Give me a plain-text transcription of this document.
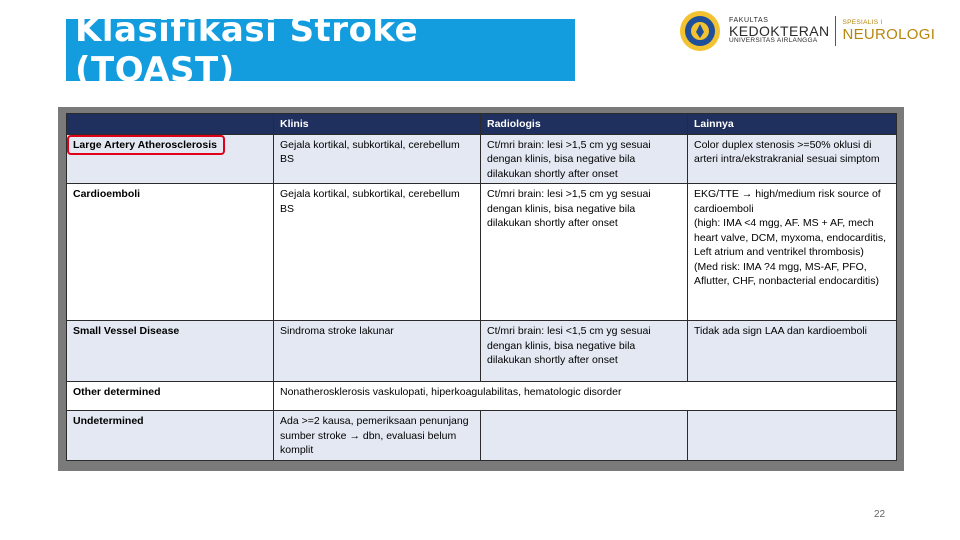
Klasifikasi Stroke (TOAST)
FAKULTAS
KEDOKTERAN
UNIVERSITAS AIRLANGGA
SPESIALIS I
NEUROLOGI
	Klinis	Radiologis	Lainnya
Large Artery Atherosclerosis	Gejala kortikal, subkortikal, cerebellum BS	Ct/mri brain: lesi >1,5 cm yg sesuai dengan klinis, bisa negative bila dilakukan shortly after onset	Color duplex stenosis >=50% oklusi di arteri intra/ekstrakranial sesuai simptom
Cardioemboli	Gejala kortikal, subkortikal, cerebellum BS	Ct/mri brain: lesi >1,5 cm yg sesuai dengan klinis, bisa negative bila dilakukan shortly after onset	EKG/TTE → high/medium risk source of cardioemboli
(high: IMA <4 mgg, AF. MS + AF, mech heart valve, DCM, myxoma, endocarditis, Left atrium and ventrikel thrombosis)
(Med risk: IMA ?4 mgg, MS-AF, PFO, Aflutter, CHF, nonbacterial endocarditis)

Small Vessel Disease	Sindroma stroke lakunar	Ct/mri brain: lesi <1,5 cm yg sesuai dengan klinis, bisa negative bila dilakukan shortly after onset	Tidak ada sign LAA dan kardioemboli
Other determined	Nonatherosklerosis vaskulopati, hiperkoagulabilitas, hematologic disorder		
Undetermined	Ada >=2 kausa, pemeriksaan penunjang sumber stroke → dbn, evaluasi belum komplit		
22
